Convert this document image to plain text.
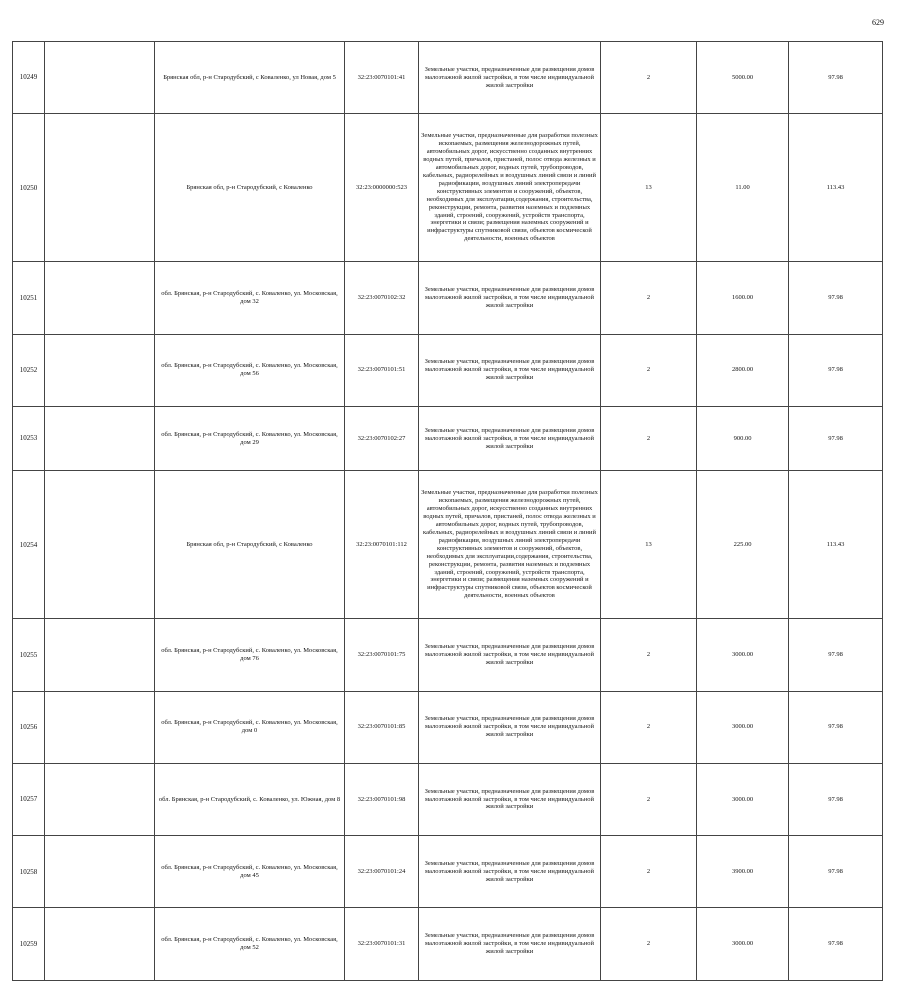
629
10249		Брянская обл, р-н Стародубский, с Коваленко, ул Новая, дом 5	32:23:0070101:41	Земельные участки, предназначенные для размещения домов малоэтажной жилой застройки, в том числе индивидуальной жилой застройки	2	5000.00	97.98	
10250		Брянская обл, р-н Стародубский, с Коваленко	32:23:0000000:523	Земельные участки, предназначенные для разработки полезных ископаемых, размещения железнодорожных путей, автомобильных дорог, искусственно созданных внутренних водных путей, причалов, пристаней, полос отвода железных и автомобильных дорог, водных путей, трубопроводов, кабельных, радиорелейных и воздушных линий связи и линий радиофикации, воздушных линий электропередачи конструктивных элементов и сооружений, объектов, необходимых для эксплуатации,содержания, строительства, реконструкции, ремонта, развития наземных и подземных зданий, строений, сооружений, устройств транспорта, энергетики и связи; размещения наземных сооружений и инфраструктуры спутниковой связи, объектов космической деятельности, военных объектов	13	11.00	113.43	
10251		обл. Брянская, р-н Стародубский, с. Коваленко, ул. Московская, дом 32	32:23:0070102:32	Земельные участки, предназначенные для размещения домов малоэтажной жилой застройки, в том числе индивидуальной жилой застройки	2	1600.00	97.98	
10252		обл. Брянская, р-н Стародубский, с. Коваленко, ул. Московская, дом 56	32:23:0070101:51	Земельные участки, предназначенные для размещения домов малоэтажной жилой застройки, в том числе индивидуальной жилой застройки	2	2800.00	97.98	
10253		обл. Брянская, р-н Стародубский, с. Коваленко, ул. Московская, дом 29	32:23:0070102:27	Земельные участки, предназначенные для размещения домов малоэтажной жилой застройки, в том числе индивидуальной жилой застройки	2	900.00	97.98	
10254		Брянская обл, р-н Стародубский, с Коваленко	32:23:0070101:112	Земельные участки, предназначенные для разработки полезных ископаемых, размещения железнодорожных путей, автомобильных дорог, искусственно созданных внутренних водных путей, причалов, пристаней, полос отвода железных и автомобильных дорог, водных путей, трубопроводов, кабельных, радиорелейных и воздушных линий связи и линий радиофикации, воздушных линий электропередачи конструктивных элементов и сооружений, объектов, необходимых для эксплуатации,содержания, строительства, реконструкции, ремонта, развития наземных и подземных зданий, строений, сооружений, устройств транспорта, энергетики и связи; размещения наземных сооружений и инфраструктуры спутниковой связи, объектов космической деятельности, военных объектов	13	225.00	113.43	
10255		обл. Брянская, р-н Стародубский, с. Коваленко, ул. Московская, дом 76	32:23:0070101:75	Земельные участки, предназначенные для размещения домов малоэтажной жилой застройки, в том числе индивидуальной жилой застройки	2	3000.00	97.98	
10256		обл. Брянская, р-н Стародубский, с. Коваленко, ул. Московская, дом 0	32:23:0070101:85	Земельные участки, предназначенные для размещения домов малоэтажной жилой застройки, в том числе индивидуальной жилой застройки	2	3000.00	97.98	
10257		обл. Брянская, р-н Стародубский, с. Коваленко, ул. Южная, дом 8	32:23:0070101:98	Земельные участки, предназначенные для размещения домов малоэтажной жилой застройки, в том числе индивидуальной жилой застройки	2	3000.00	97.98	
10258		обл. Брянская, р-н Стародубский, с. Коваленко, ул. Московская, дом 45	32:23:0070101:24	Земельные участки, предназначенные для размещения домов малоэтажной жилой застройки, в том числе индивидуальной жилой застройки	2	3900.00	97.98	
10259		обл. Брянская, р-н Стародубский, с. Коваленко, ул. Московская, дом 52	32:23:0070101:31	Земельные участки, предназначенные для размещения домов малоэтажной жилой застройки, в том числе индивидуальной жилой застройки	2	3000.00	97.98	
